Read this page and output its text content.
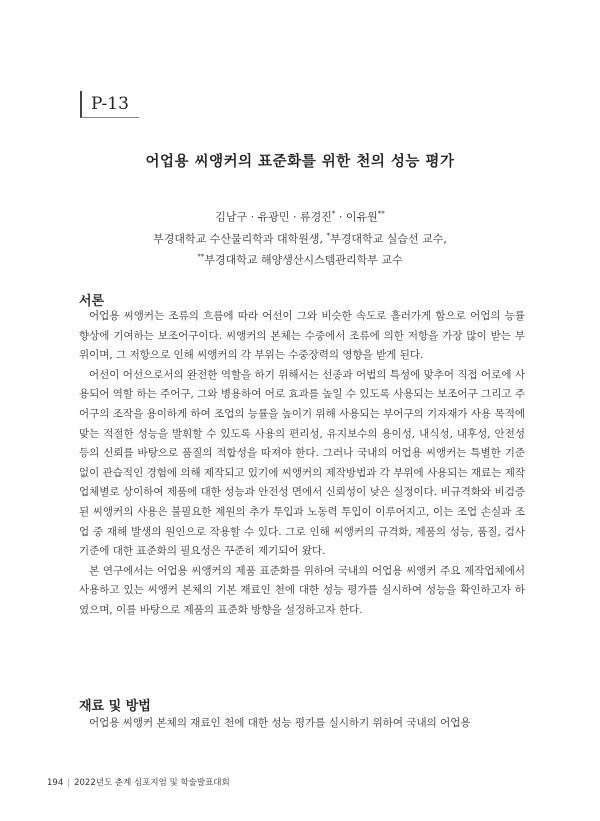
P-13
어업용 씨앵커의 표준화를 위한 천의 성능 평가
김남구 · 유광민 · 류경진* · 이유원**
부경대학교 수산물리학과 대학원생, *부경대학교 실습선 교수,
**부경대학교 해양생산시스템관리학부 교수
서론

어업용 씨앵커는 조류의 흐름에 따라 어선이 그와 비슷한 속도로 흘러가게 함으로 어업의 능률 향상에 기여하는 보조어구이다. 씨앵커의 본체는 수중에서 조류에 의한 저항을 가장 많이 받는 부위이며, 그 저항으로 인해 씨앵커의 각 부위는 수중장력의 영향을 받게 된다.

어선이 어선으로서의 완전한 역할을 하기 위해서는 선종과 어법의 특성에 맞추어 직접 어로에 사용되어 역할 하는 주어구, 그와 병용하여 어로 효과를 높일 수 있도록 사용되는 보조어구 그리고 주어구의 조작을 용이하게 하여 조업의 능률을 높이기 위해 사용되는 부어구의 기자재가 사용 목적에 맞는 적절한 성능을 발휘할 수 있도록 사용의 편리성, 유지보수의 용이성, 내식성, 내후성, 안전성 등의 신뢰를 바탕으로 품질의 적합성을 따져야 한다. 그러나 국내의 어업용 씨앵커는 특별한 기준 없이 관습적인 경험에 의해 제작되고 있기에 씨앵커의 제작방법과 각 부위에 사용되는 재료는 제작업체별로 상이하여 제품에 대한 성능과 안전성 면에서 신뢰성이 낮은 실정이다. 비규격화와 비검증된 씨앵커의 사용은 불필요한 제원의 추가 투입과 노동력 투입이 이루어지고, 이는 조업 손실과 조업 중 재해 발생의 원인으로 작용할 수 있다. 그로 인해 씨앵커의 규격화, 제품의 성능, 품질, 검사 기준에 대한 표준화의 필요성은 꾸준히 제기되어 왔다.

본 연구에서는 어업용 씨앵커의 제품 표준화를 위하여 국내의 어업용 씨앵커 주요 제작업체에서 사용하고 있는 씨앵커 본체의 기본 재료인 천에 대한 성능 평가를 실시하여 성능을 확인하고자 하였으며, 이를 바탕으로 제품의 표준화 방향을 설정하고자 한다.

재료 및 방법

어업용 씨앵커 본체의 재료인 천에 대한 성능 평가를 실시하기 위하여 국내의 어업용

194 | 2022년도 춘계 심포지엄 및 학술발표대회
